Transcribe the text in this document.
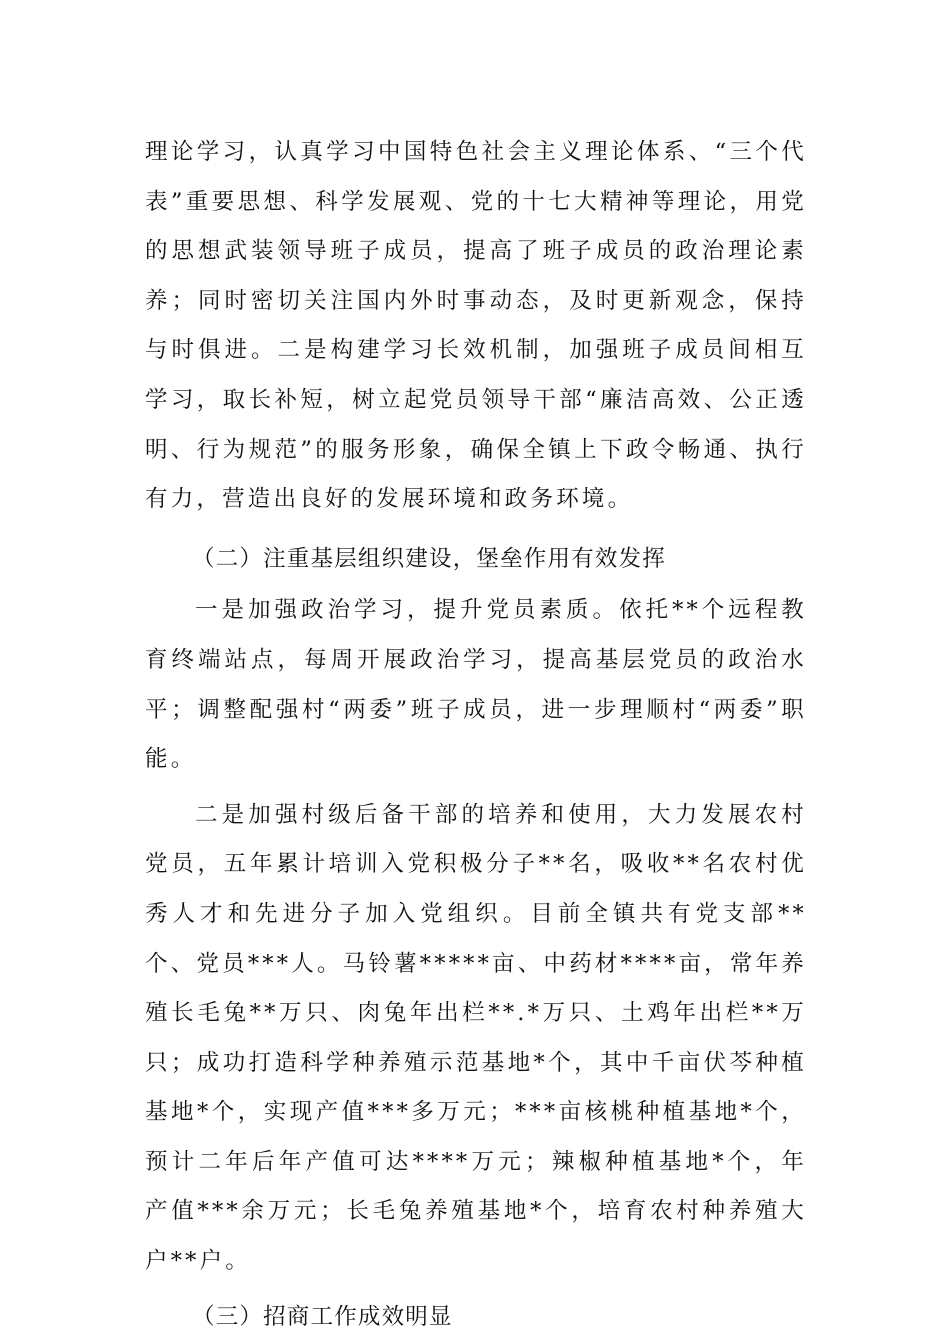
理论学习，认真学习中国特色社会主义理论体系、“三个代表”重要思想、科学发展观、党的十七大精神等理论，用党的思想武装领导班子成员，提高了班子成员的政治理论素养；同时密切关注国内外时事动态，及时更新观念，保持与时俱进。二是构建学习长效机制，加强班子成员间相互学习，取长补短，树立起党员领导干部“廉洁高效、公正透明、行为规范”的服务形象，确保全镇上下政令畅通、执行有力，营造出良好的发展环境和政务环境。

（二）注重基层组织建设，堡垒作用有效发挥

一是加强政治学习，提升党员素质。依托**个远程教育终端站点，每周开展政治学习，提高基层党员的政治水平；调整配强村“两委”班子成员，进一步理顺村“两委”职能。

二是加强村级后备干部的培养和使用，大力发展农村党员，五年累计培训入党积极分子**名，吸收**名农村优秀人才和先进分子加入党组织。目前全镇共有党支部**个、党员***人。马铃薯*****亩、中药材****亩，常年养殖长毛兔**万只、肉兔年出栏**.*万只、土鸡年出栏**万只；成功打造科学种养殖示范基地*个，其中千亩伏芩种植基地*个，实现产值***多万元；***亩核桃种植基地*个，预计二年后年产值可达****万元；辣椒种植基地*个，年产值***余万元；长毛兔养殖基地*个，培育农村种养殖大户**户。

（三）招商工作成效明显
